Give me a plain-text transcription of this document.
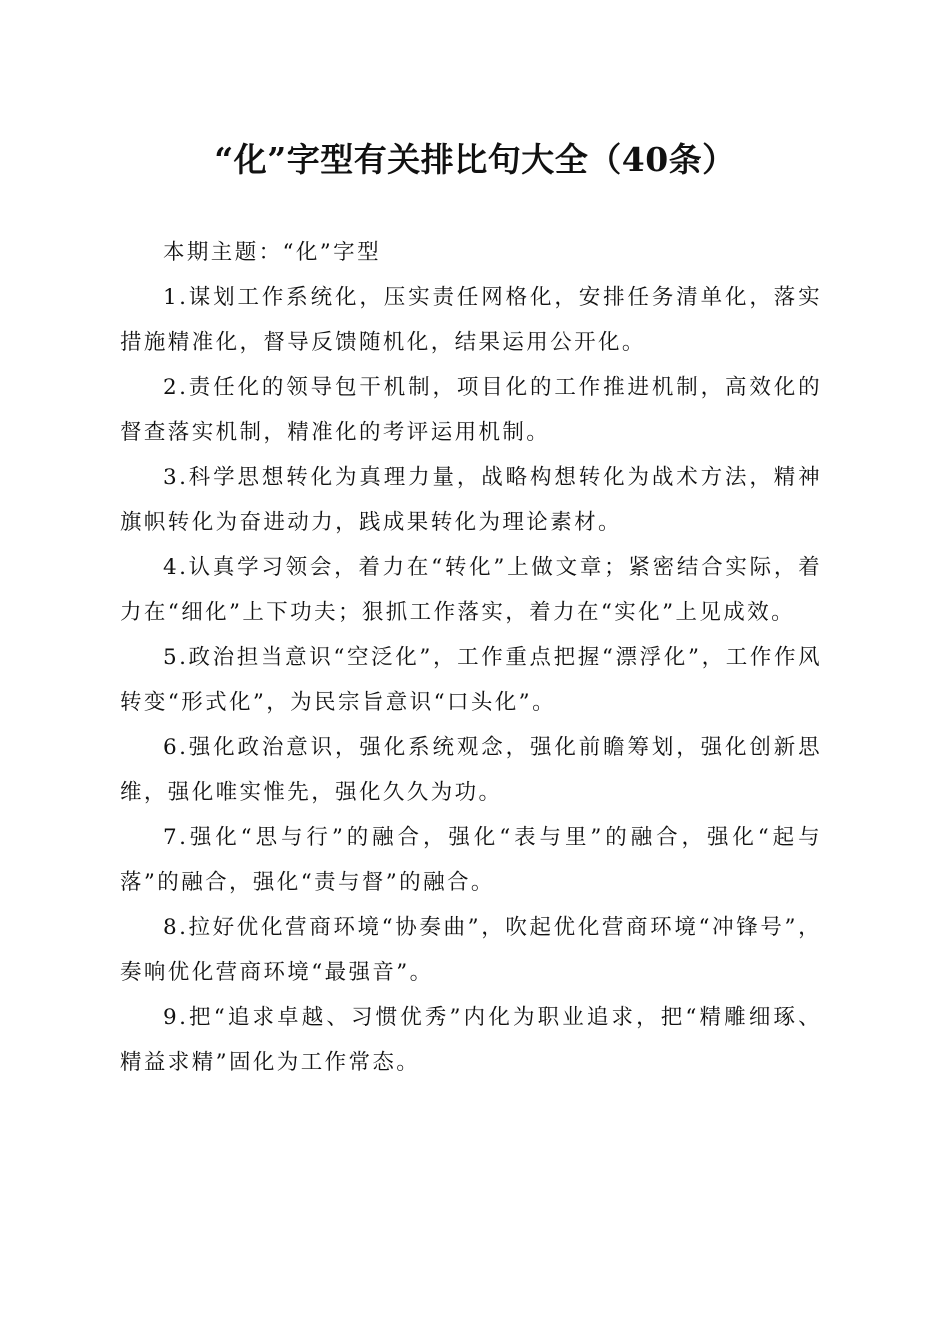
“化”字型有关排比句大全（40条）

本期主题：“化”字型

1.谋划工作系统化，压实责任网格化，安排任务清单化，落实措施精准化，督导反馈随机化，结果运用公开化。

2.责任化的领导包干机制，项目化的工作推进机制，高效化的督查落实机制，精准化的考评运用机制。

3.科学思想转化为真理力量，战略构想转化为战术方法，精神旗帜转化为奋进动力，践成果转化为理论素材。

4.认真学习领会，着力在“转化”上做文章；紧密结合实际，着力在“细化”上下功夫；狠抓工作落实，着力在“实化”上见成效。

5.政治担当意识“空泛化”，工作重点把握“漂浮化”，工作作风转变“形式化”，为民宗旨意识“口头化”。

6.强化政治意识，强化系统观念，强化前瞻筹划，强化创新思维，强化唯实惟先，强化久久为功。

7.强化“思与行”的融合，强化“表与里”的融合，强化“起与落”的融合，强化“责与督”的融合。

8.拉好优化营商环境“协奏曲”，吹起优化营商环境“冲锋号”，奏响优化营商环境“最强音”。

9.把“追求卓越、习惯优秀”内化为职业追求，把“精雕细琢、精益求精”固化为工作常态。
